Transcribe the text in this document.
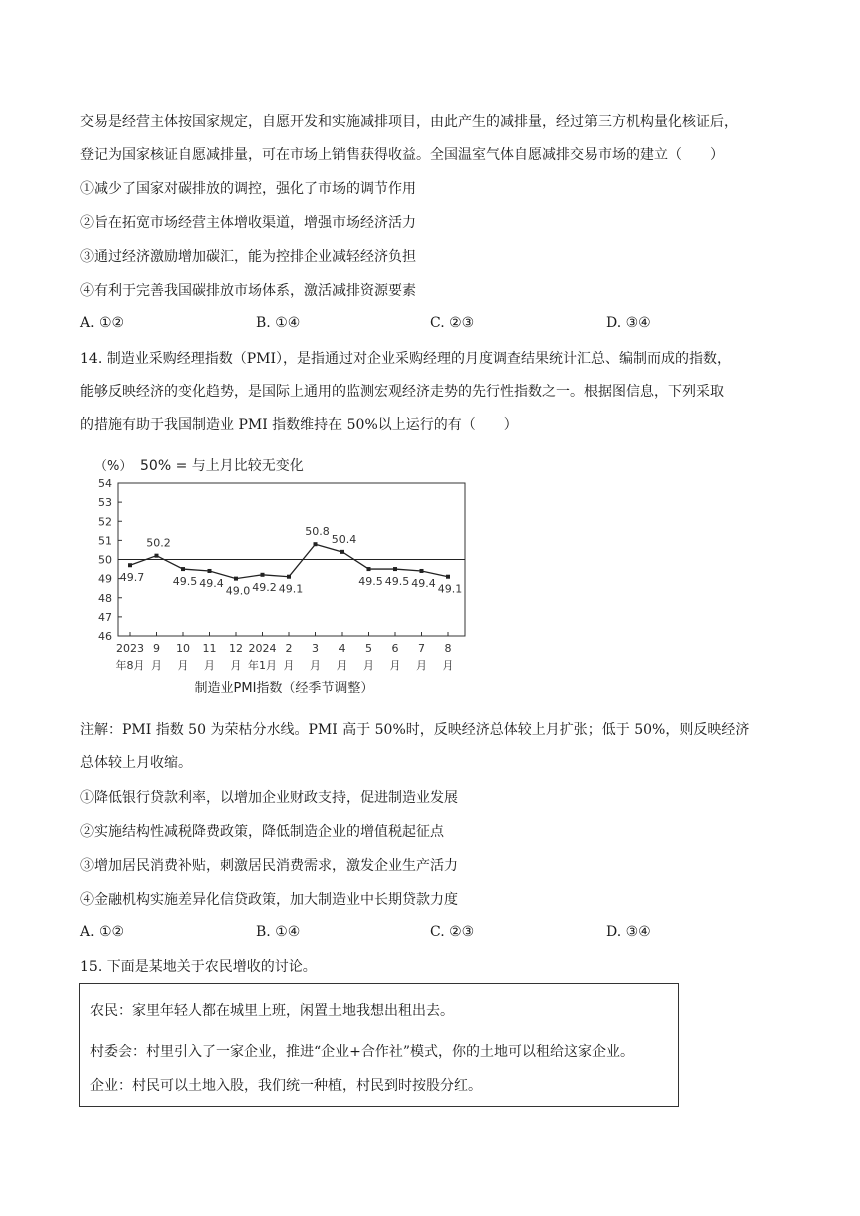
交易是经营主体按国家规定，自愿开发和实施减排项目，由此产生的减排量，经过第三方机构量化核证后，
登记为国家核证自愿减排量，可在市场上销售获得收益。全国温室气体自愿减排交易市场的建立（　　）
①减少了国家对碳排放的调控，强化了市场的调节作用
②旨在拓宽市场经营主体增收渠道，增强市场经济活力
③通过经济激励增加碳汇，能为控排企业减轻经济负担
④有利于完善我国碳排放市场体系，激活减排资源要素
A. ①②	B. ①④	C. ②③	D. ③④
14. 制造业采购经理指数（PMI），是指通过对企业采购经理的月度调查结果统计汇总、编制而成的指数，
能够反映经济的变化趋势，是国际上通用的监测宏观经济走势的先行性指数之一。根据图信息，下列采取
的措施有助于我国制造业 PMI 指数维持在 50%以上运行的有（　　）
（%） 50% = 与上月比较无变化
46
47
48
49
50
51
52
53
54
49.7
50.2
49.5 49.4
49.0 49.2 49.1
50.8
50.4
49.5 49.5 49.4 49.1
2023
年8月
9
月
10
月
11
月
12
月
2024
年1月
2
月
3
月
4
月
5
月
6
月
7
月
8
月
制造业PMI指数（经季节调整）
注解：PMI 指数 50 为荣枯分水线。PMI 高于 50%时，反映经济总体较上月扩张；低于 50%，则反映经济
总体较上月收缩。
①降低银行贷款利率，以增加企业财政支持，促进制造业发展
②实施结构性减税降费政策，降低制造企业的增值税起征点
③增加居民消费补贴，刺激居民消费需求，激发企业生产活力
④金融机构实施差异化信贷政策，加大制造业中长期贷款力度
A. ①②	B. ①④	C. ②③	D. ③④
15. 下面是某地关于农民增收的讨论。
农民：家里年轻人都在城里上班，闲置土地我想出租出去。
村委会：村里引入了一家企业，推进“企业+合作社”模式，你的土地可以租给这家企业。
企业：村民可以土地入股，我们统一种植，村民到时按股分红。
